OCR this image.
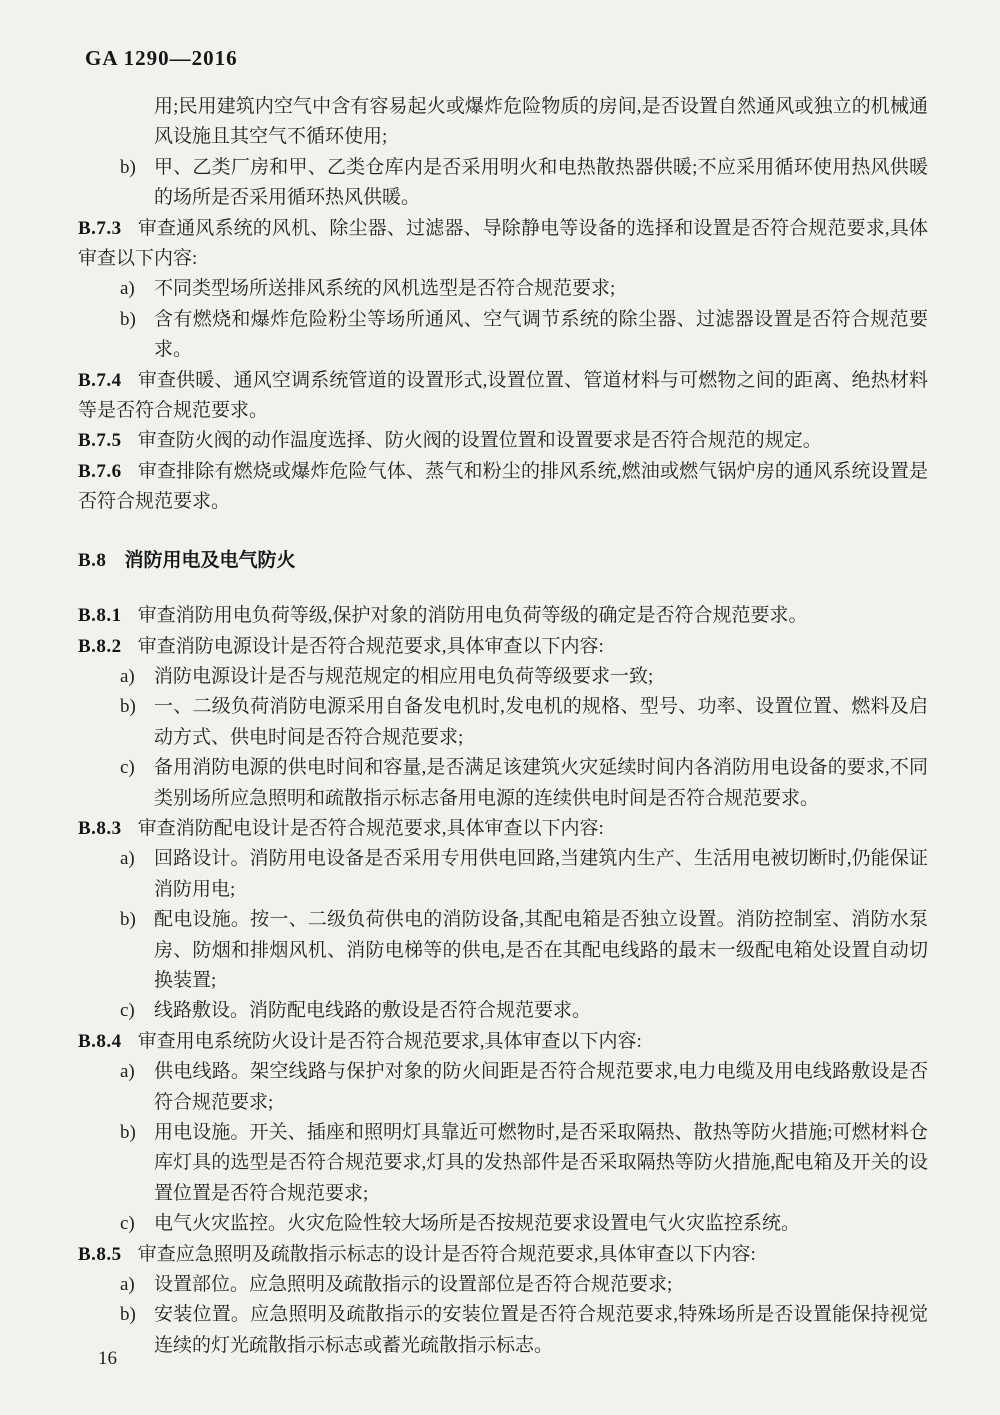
GA 1290—2016
用;民用建筑内空气中含有容易起火或爆炸危险物质的房间,是否设置自然通风或独立的机械通风设施且其空气不循环使用;
b) 甲、乙类厂房和甲、乙类仓库内是否采用明火和电热散热器供暖;不应采用循环使用热风供暖的场所是否采用循环热风供暖。
B.7.3 审查通风系统的风机、除尘器、过滤器、导除静电等设备的选择和设置是否符合规范要求,具体审查以下内容:
a) 不同类型场所送排风系统的风机选型是否符合规范要求;
b) 含有燃烧和爆炸危险粉尘等场所通风、空气调节系统的除尘器、过滤器设置是否符合规范要求。
B.7.4 审查供暖、通风空调系统管道的设置形式,设置位置、管道材料与可燃物之间的距离、绝热材料等是否符合规范要求。
B.7.5 审查防火阀的动作温度选择、防火阀的设置位置和设置要求是否符合规范的规定。
B.7.6 审查排除有燃烧或爆炸危险气体、蒸气和粉尘的排风系统,燃油或燃气锅炉房的通风系统设置是否符合规范要求。
B.8 消防用电及电气防火
B.8.1 审查消防用电负荷等级,保护对象的消防用电负荷等级的确定是否符合规范要求。
B.8.2 审查消防电源设计是否符合规范要求,具体审查以下内容:
a) 消防电源设计是否与规范规定的相应用电负荷等级要求一致;
b) 一、二级负荷消防电源采用自备发电机时,发电机的规格、型号、功率、设置位置、燃料及启动方式、供电时间是否符合规范要求;
c) 备用消防电源的供电时间和容量,是否满足该建筑火灾延续时间内各消防用电设备的要求,不同类别场所应急照明和疏散指示标志备用电源的连续供电时间是否符合规范要求。
B.8.3 审查消防配电设计是否符合规范要求,具体审查以下内容:
a) 回路设计。消防用电设备是否采用专用供电回路,当建筑内生产、生活用电被切断时,仍能保证消防用电;
b) 配电设施。按一、二级负荷供电的消防设备,其配电箱是否独立设置。消防控制室、消防水泵房、防烟和排烟风机、消防电梯等的供电,是否在其配电线路的最末一级配电箱处设置自动切换装置;
c) 线路敷设。消防配电线路的敷设是否符合规范要求。
B.8.4 审查用电系统防火设计是否符合规范要求,具体审查以下内容:
a) 供电线路。架空线路与保护对象的防火间距是否符合规范要求,电力电缆及用电线路敷设是否符合规范要求;
b) 用电设施。开关、插座和照明灯具靠近可燃物时,是否采取隔热、散热等防火措施;可燃材料仓库灯具的选型是否符合规范要求,灯具的发热部件是否采取隔热等防火措施,配电箱及开关的设置位置是否符合规范要求;
c) 电气火灾监控。火灾危险性较大场所是否按规范要求设置电气火灾监控系统。
B.8.5 审查应急照明及疏散指示标志的设计是否符合规范要求,具体审查以下内容:
a) 设置部位。应急照明及疏散指示的设置部位是否符合规范要求;
b) 安装位置。应急照明及疏散指示的安装位置是否符合规范要求,特殊场所是否设置能保持视觉连续的灯光疏散指示标志或蓄光疏散指示标志。
16
